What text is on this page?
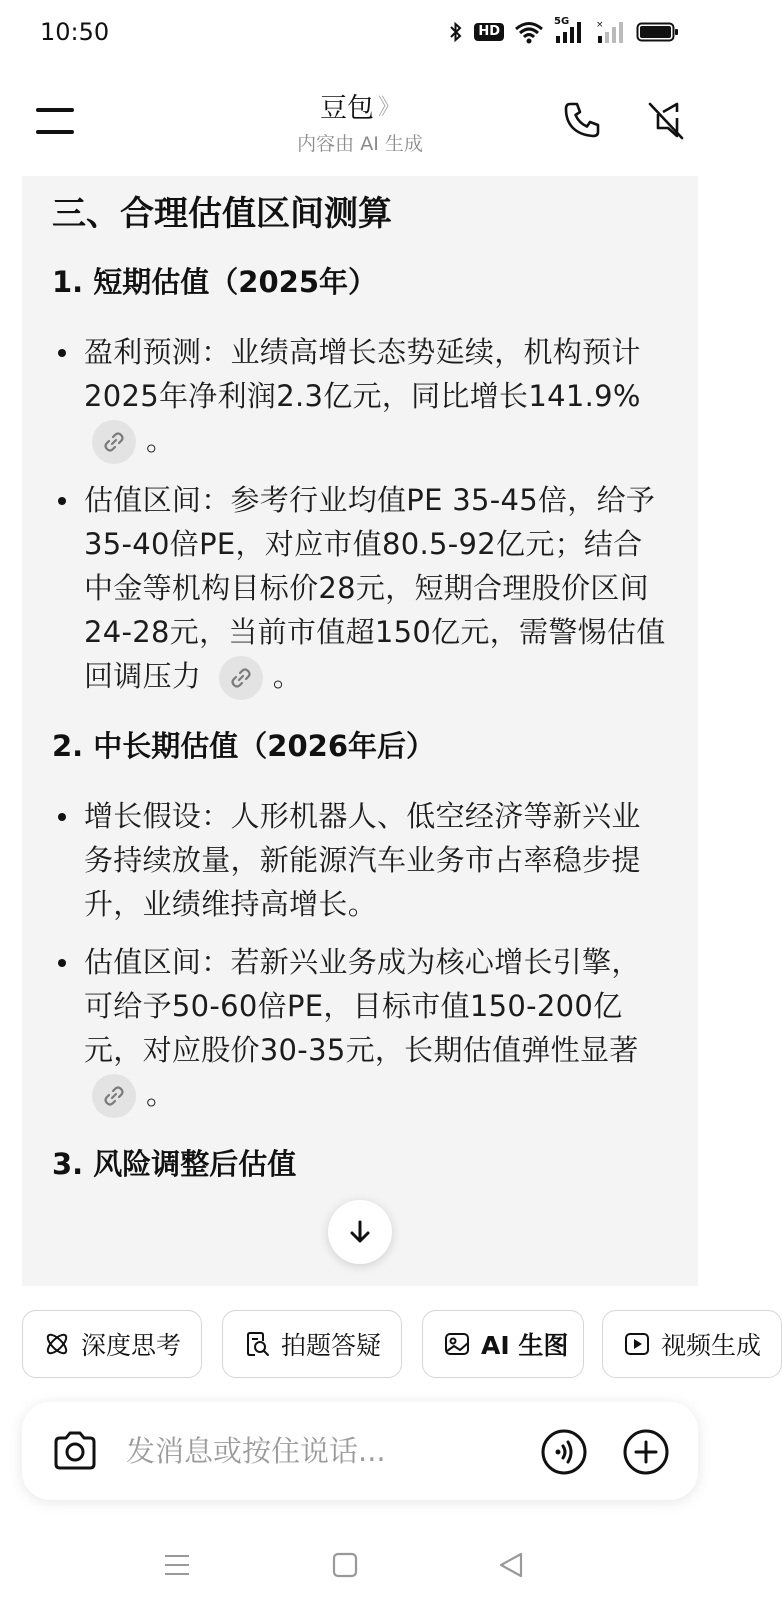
10:50	HD
5G	×
豆包 》
内容由 AI 生成
三、合理估值区间测算
1. 短期估值（2025年）
盈利预测：业绩高增长态势延续，机构预计2025年净利润2.3亿元，同比增长141.9%
。
估值区间：参考行业均值PE 35-45倍，给予35-40倍PE，对应市值80.5-92亿元；结合中金等机构目标价28元，短期合理股价区间24-28元，当前市值超150亿元，需警惕估值回调压力 。
2. 中长期估值（2026年后）
增长假设：人形机器人、低空经济等新兴业务持续放量，新能源汽车业务市占率稳步提升，业绩维持高增长。
估值区间：若新兴业务成为核心增长引擎，可给予50-60倍PE，目标市值150-200亿元，对应股价30-35元，长期估值弹性显著
。
3. 风险调整后估值
深度思考	拍题答疑	AI 生图	视频生成
发消息或按住说话...
